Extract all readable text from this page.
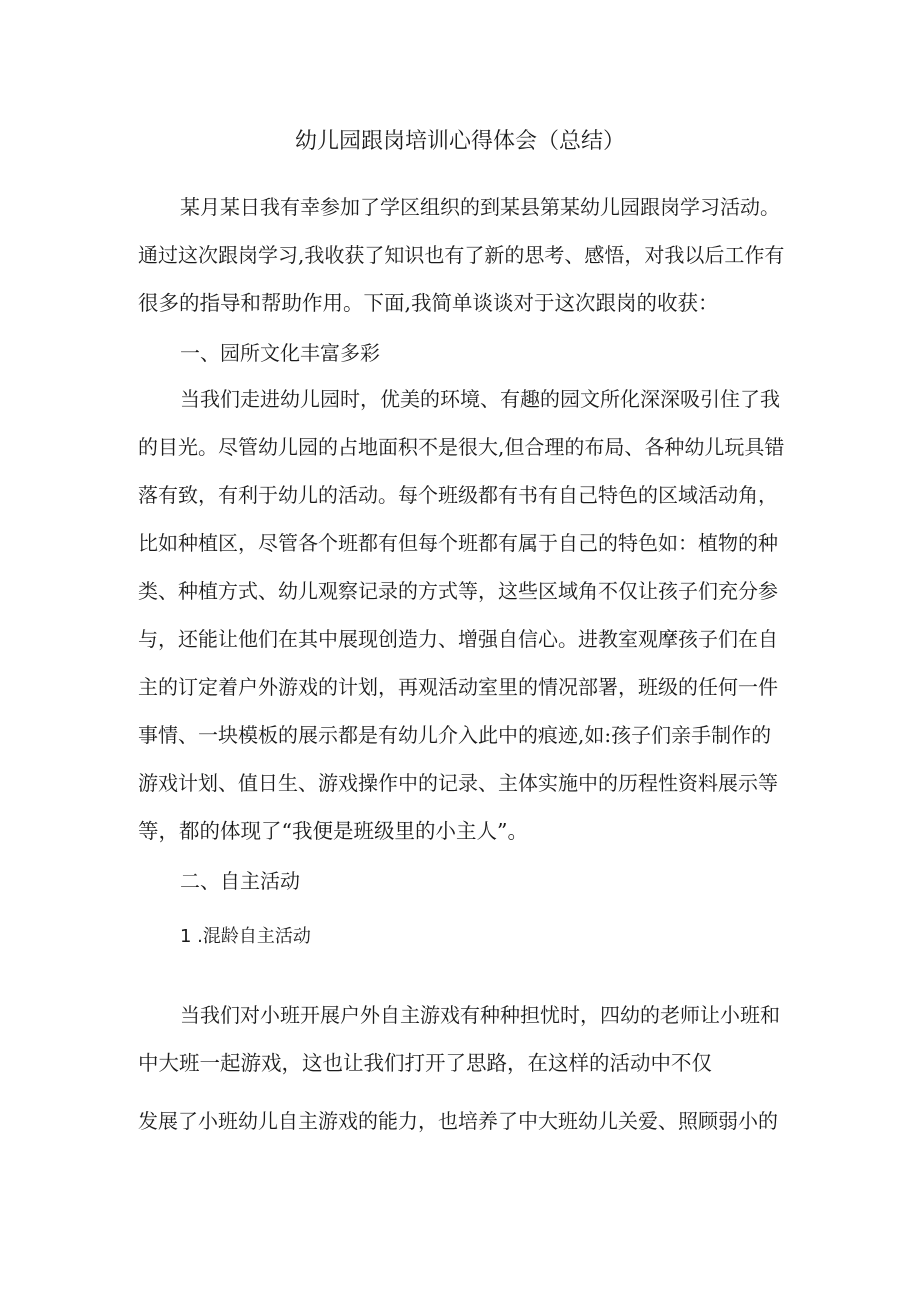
幼儿园跟岗培训心得体会（总结）

某月某日我有幸参加了学区组织的到某县第某幼儿园跟岗学习活动。

通过这次跟岗学习,我收获了知识也有了新的思考、感悟，对我以后工作有

很多的指导和帮助作用。下面,我简单谈谈对于这次跟岗的收获：

一、园所文化丰富多彩

当我们走进幼儿园时，优美的环境、有趣的园文所化深深吸引住了我

的目光。尽管幼儿园的占地面积不是很大,但合理的布局、各种幼儿玩具错

落有致，有利于幼儿的活动。每个班级都有书有自己特色的区域活动角，

比如种植区，尽管各个班都有但每个班都有属于自己的特色如：植物的种

类、种植方式、幼儿观察记录的方式等，这些区域角不仅让孩子们充分参

与，还能让他们在其中展现创造力、增强自信心。进教室观摩孩子们在自

主的订定着户外游戏的计划，再观活动室里的情况部署，班级的任何一件

事情、一块模板的展示都是有幼儿介入此中的痕迹,如:孩子们亲手制作的

游戏计划、值日生、游戏操作中的记录、主体实施中的历程性资料展示等

等，都的体现了“我便是班级里的小主人”。

二、自主活动

1 .混龄自主活动

当我们对小班开展户外自主游戏有种种担忧时，四幼的老师让小班和

中大班一起游戏，这也让我们打开了思路，在这样的活动中不仅

发展了小班幼儿自主游戏的能力，也培养了中大班幼儿关爱、照顾弱小的
